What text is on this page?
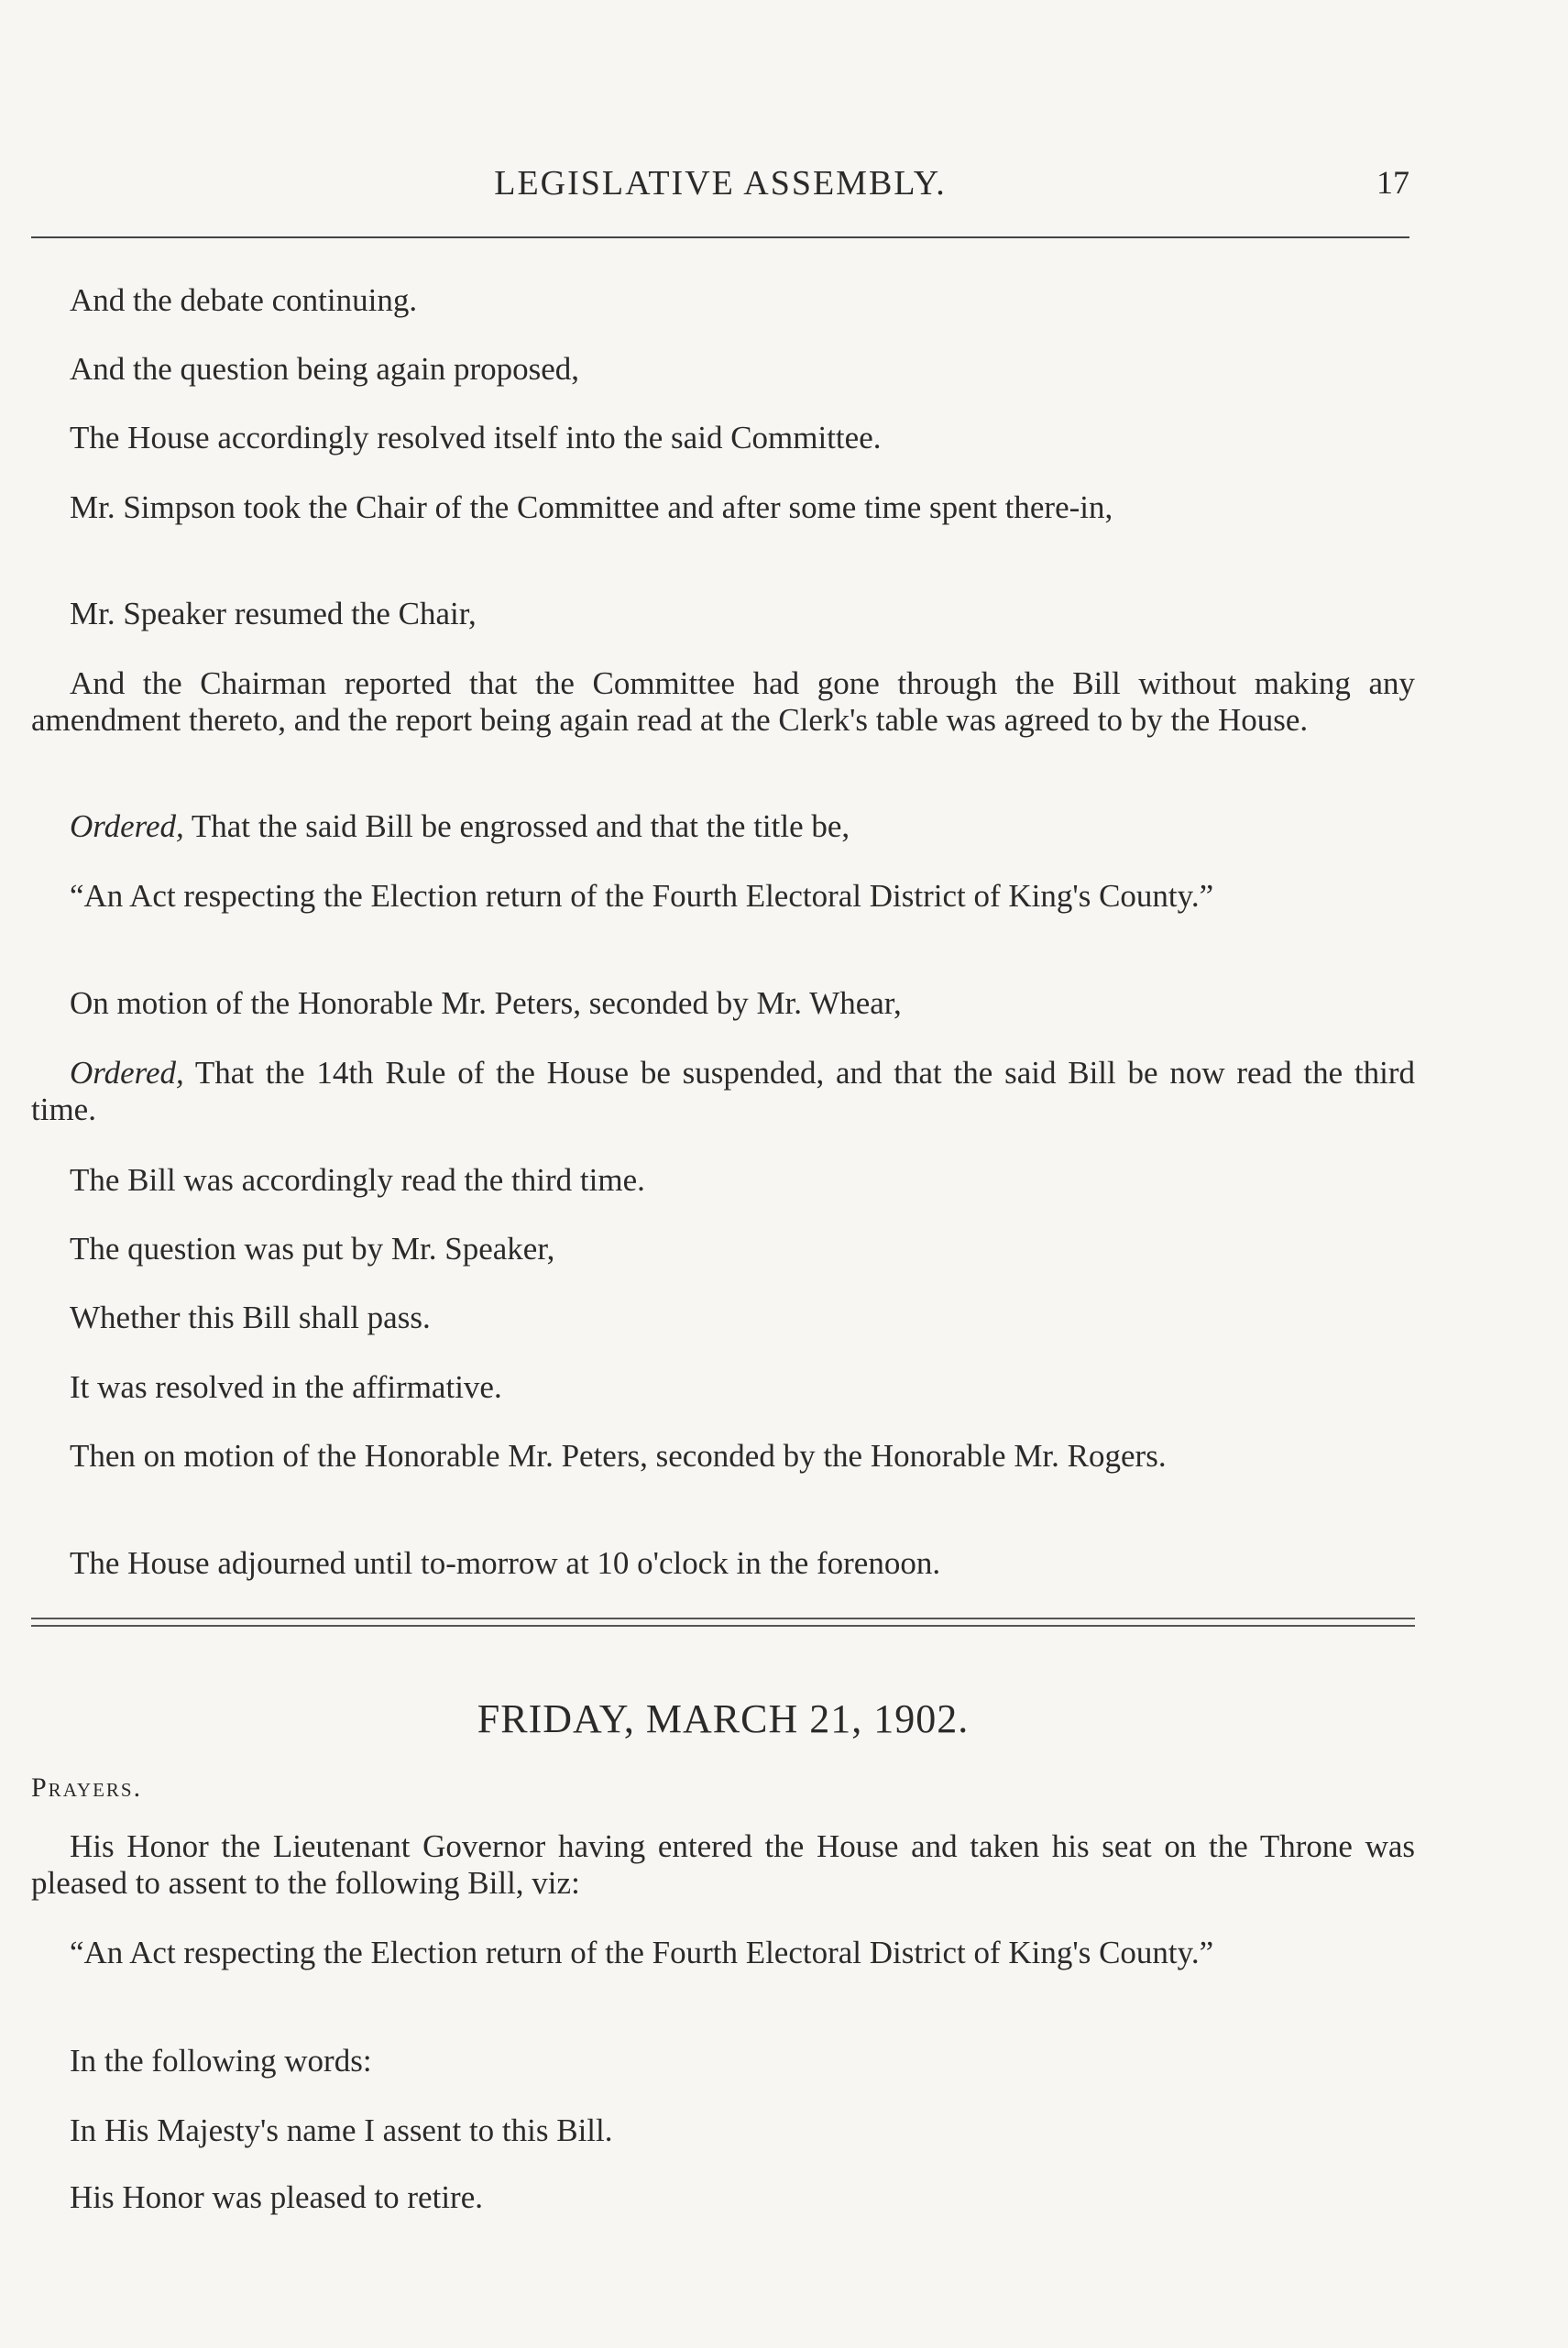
LEGISLATIVE ASSEMBLY.	17

And the debate continuing.

And the question being again proposed,

The House accordingly resolved itself into the said Committee.

Mr. Simpson took the Chair of the Committee and after some time spent there-in,

Mr. Speaker resumed the Chair,

And the Chairman reported that the Committee had gone through the Bill without making any amendment thereto, and the report being again read at the Clerk's table was agreed to by the House.

Ordered, That the said Bill be engrossed and that the title be,

“An Act respecting the Election return of the Fourth Electoral District of King's County.”

On motion of the Honorable Mr. Peters, seconded by Mr. Whear,

Ordered, That the 14th Rule of the House be suspended, and that the said Bill be now read the third time.

The Bill was accordingly read the third time.

The question was put by Mr. Speaker,

Whether this Bill shall pass.

It was resolved in the affirmative.

Then on motion of the Honorable Mr. Peters, seconded by the Honorable Mr. Rogers.

The House adjourned until to-morrow at 10 o'clock in the forenoon.

FRIDAY, MARCH 21, 1902.

Prayers.

His Honor the Lieutenant Governor having entered the House and taken his seat on the Throne was pleased to assent to the following Bill, viz:

“An Act respecting the Election return of the Fourth Electoral District of King's County.”

In the following words:

In His Majesty's name I assent to this Bill.

His Honor was pleased to retire.
